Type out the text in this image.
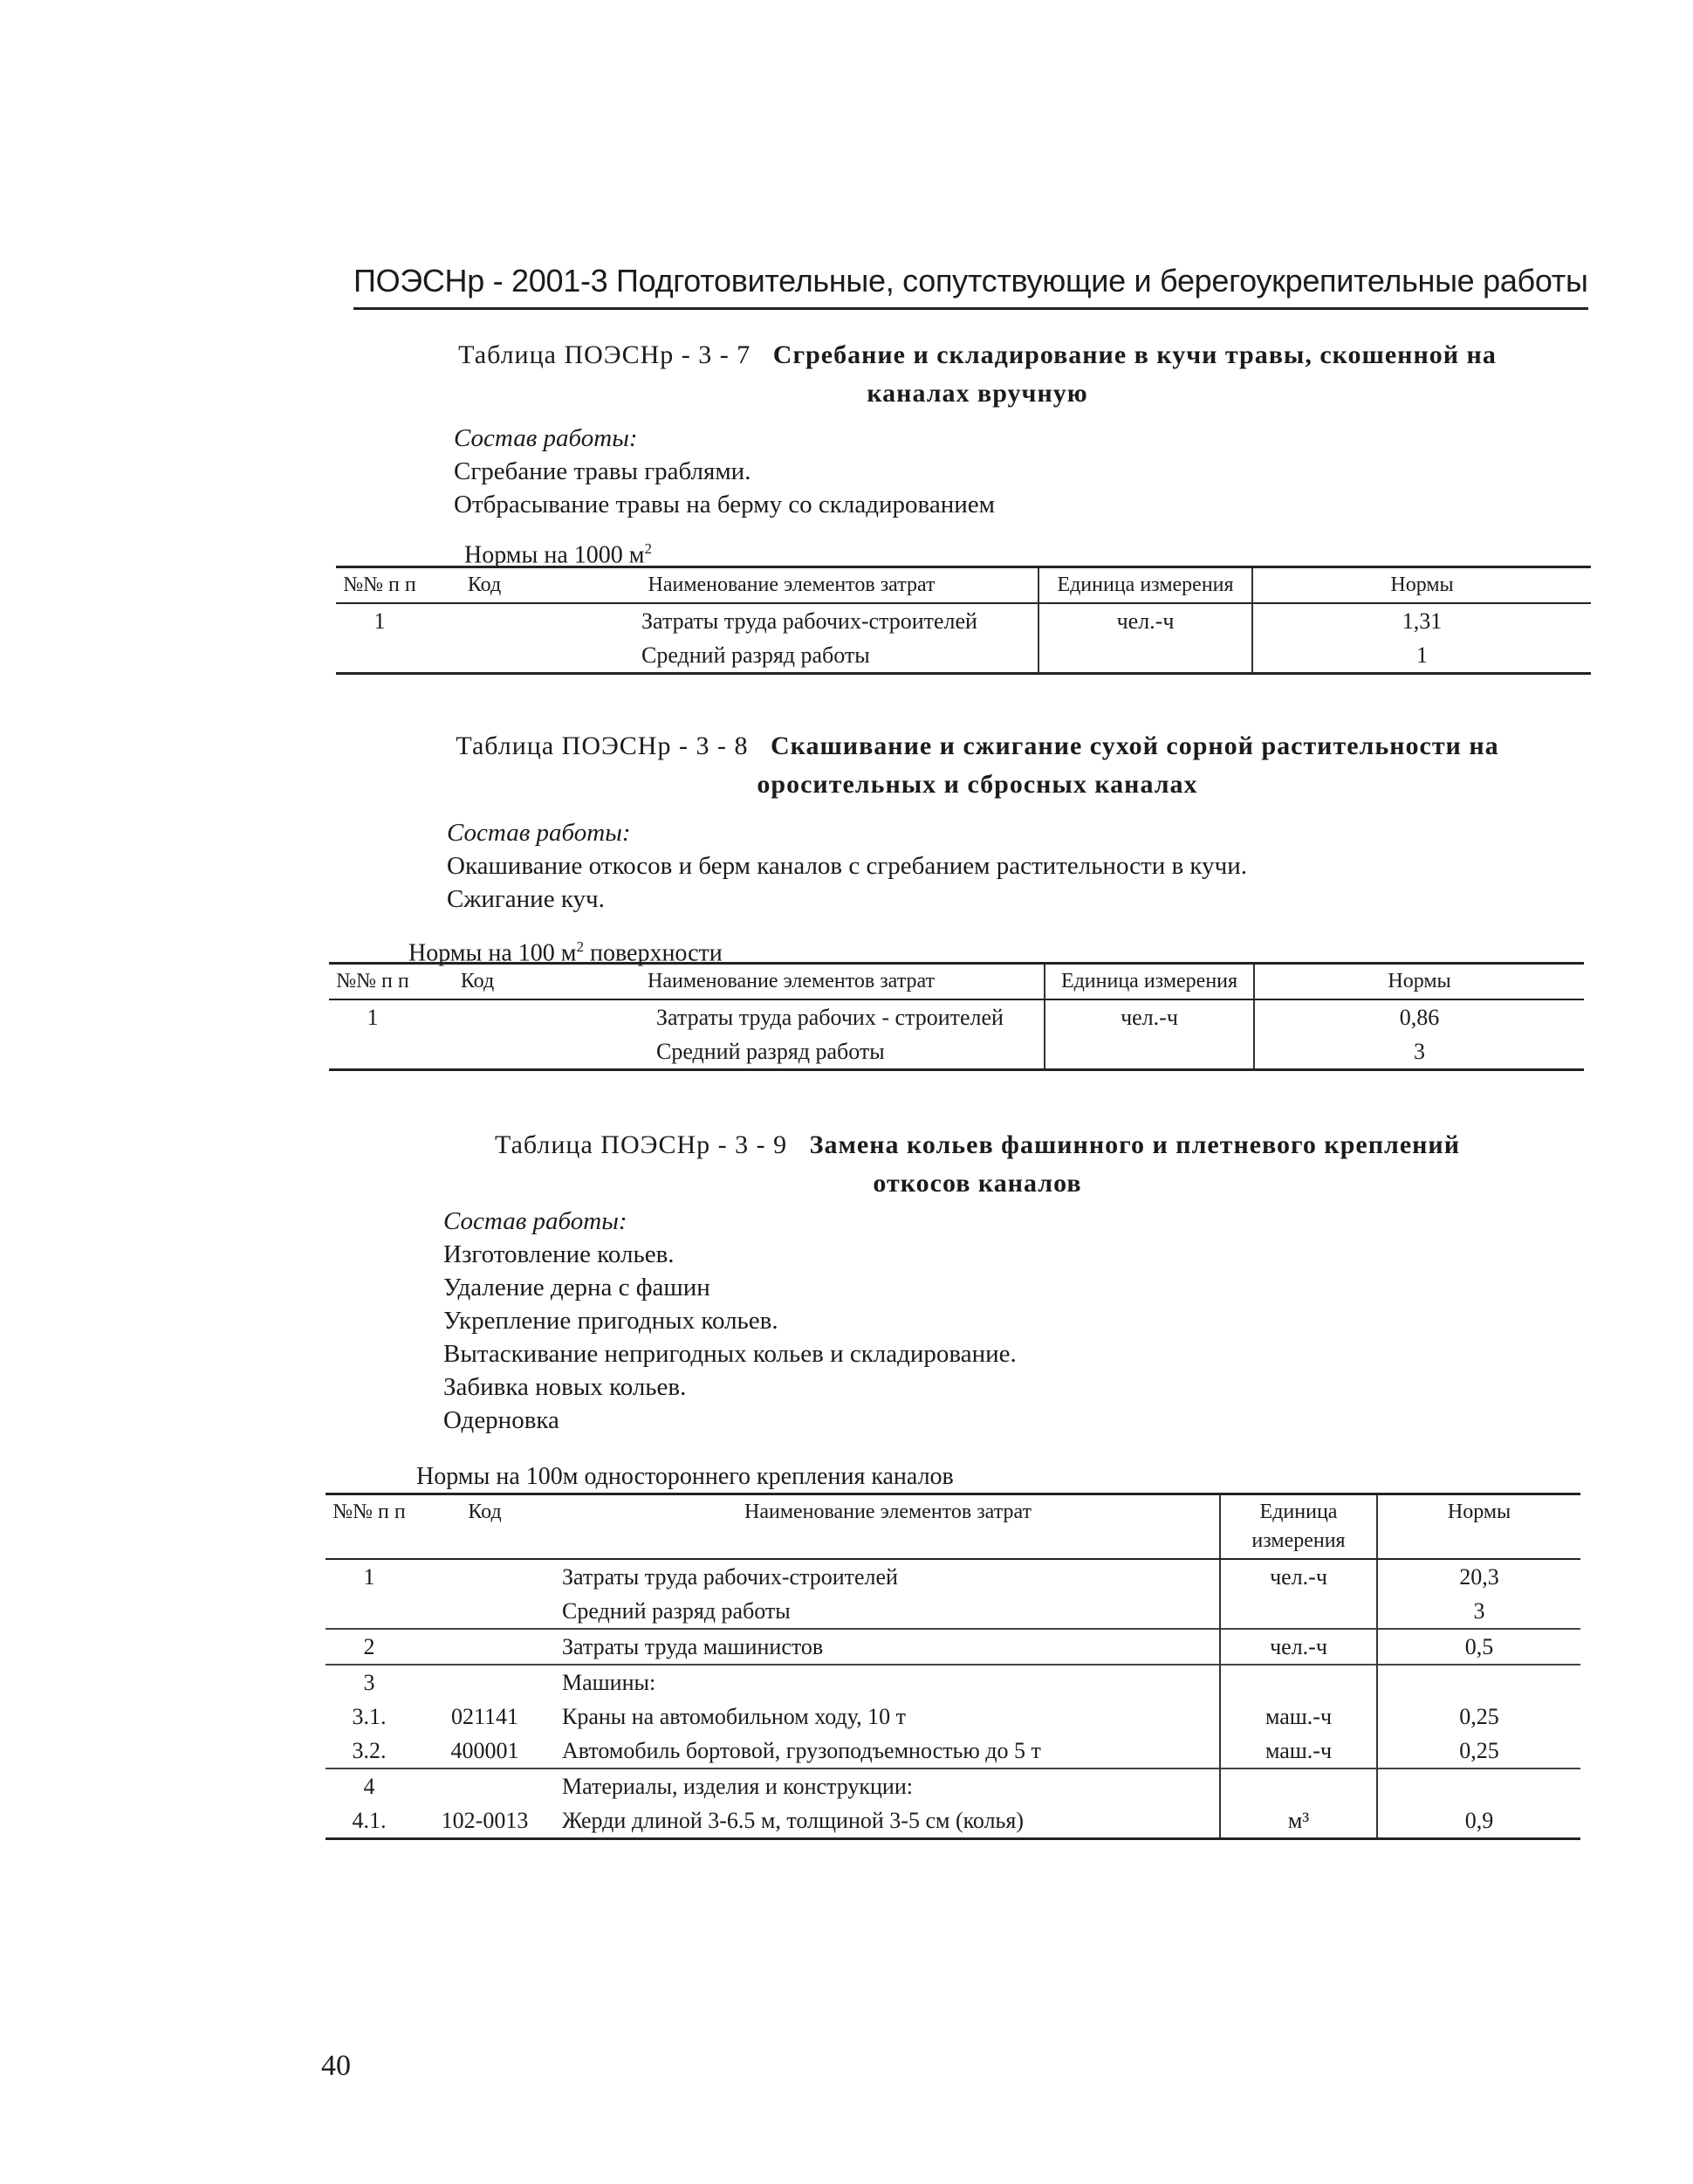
ПОЭСНр - 2001-3 Подготовительные, сопутствующие и берегоукрепительные работы
Таблица ПОЭСНр - 3 - 7 Сгребание и складирование в кучи травы, скошенной на
каналах вручную
Состав работы:
Сгребание травы граблями.
Отбрасывание травы на берму со складированием
Нормы на 1000 $м^2$
№№ п п	Код	Наименование элементов затрат	Единица измерения	Нормы
1		Затраты труда рабочих-строителей	чел.-ч	1,31
		Средний разряд работы		1
Таблица ПОЭСНр - 3 - 8 Скашивание и сжигание сухой сорной растительности на
оросительных и сбросных каналах
Состав работы:
Окашивание откосов и берм каналов с сгребанием растительности в кучи.
Сжигание куч.
Нормы на 100 $м^2$ поверхности
№№ п п	Код	Наименование элементов затрат	Единица измерения	Нормы
1		Затраты труда рабочих - строителей	чел.-ч	0,86
		Средний разряд работы		3
Таблица ПОЭСНр - 3 - 9 Замена кольев фашинного и плетневого креплений
откосов каналов
Состав работы:
Изготовление кольев.
Удаление дерна с фашин
Укрепление пригодных кольев.
Вытаскивание непригодных кольев и складирование.
Забивка новых кольев.
Одерновка
Нормы на 100м одностороннего крепления каналов
№№ п п	Код	Наименование элементов затрат	Единица измерения	Нормы
1		Затраты труда рабочих-строителей	чел.-ч	20,3
		Средний разряд работы		3
2		Затраты труда машинистов	чел.-ч	0,5
3		Машины:		
3.1.	021141	Краны на автомобильном ходу, 10 т	маш.-ч	0,25
3.2.	400001	Автомобиль бортовой, грузоподъемностью до 5 т	маш.-ч	0,25
4		Материалы, изделия и конструкции:		
4.1.	102-0013	Жерди длиной 3-6.5 м, толщиной 3-5 см (колья)	м³	0,9
40
